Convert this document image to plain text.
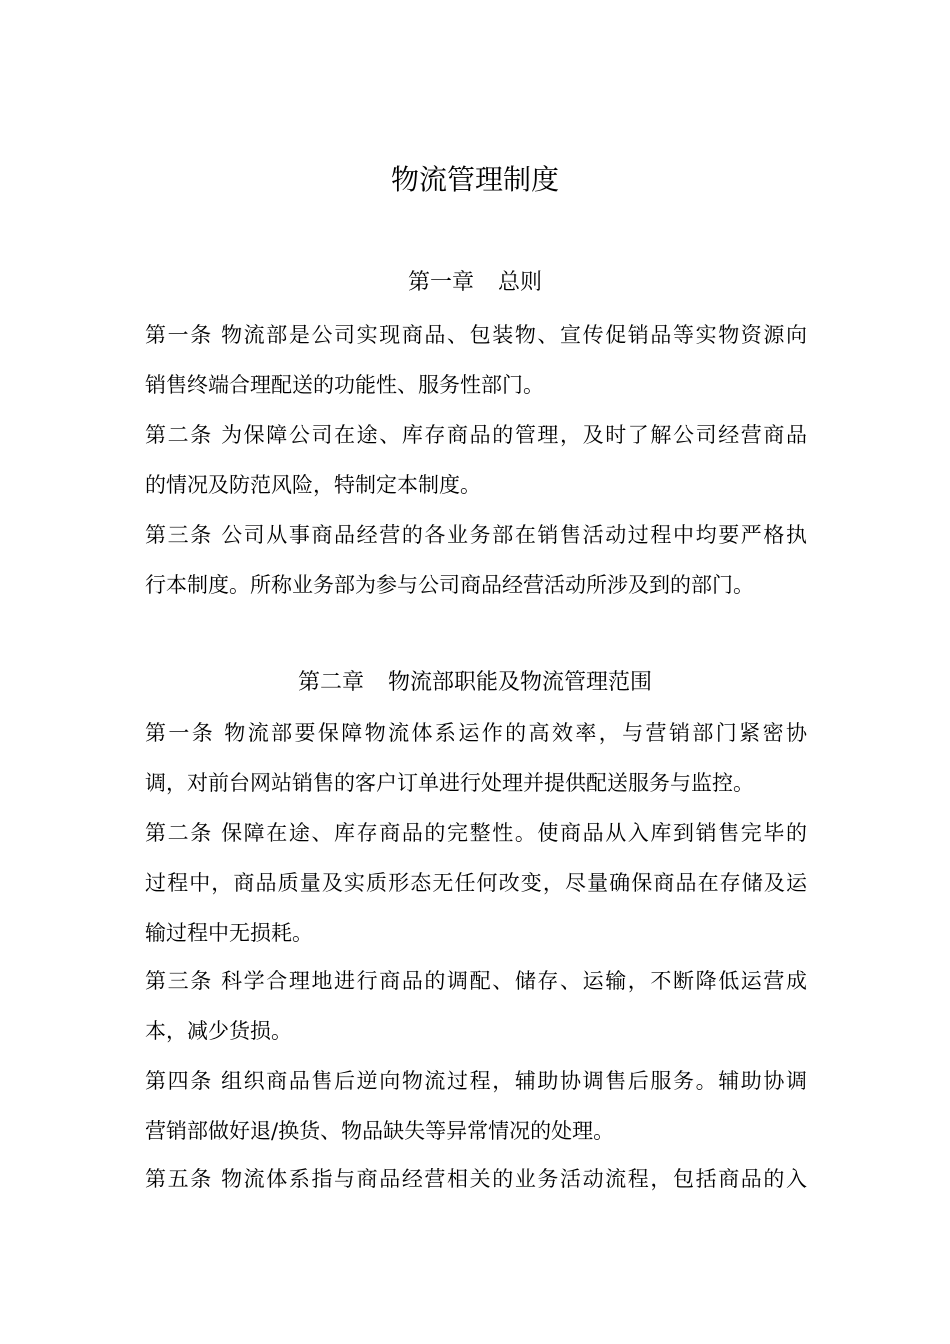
物流管理制度
第一章 总则
第一条 物流部是公司实现商品、包装物、宣传促销品等实物资源向
销售终端合理配送的功能性、服务性部门。
第二条 为保障公司在途、库存商品的管理，及时了解公司经营商品
的情况及防范风险，特制定本制度。
第三条 公司从事商品经营的各业务部在销售活动过程中均要严格执
行本制度。所称业务部为参与公司商品经营活动所涉及到的部门。
第二章 物流部职能及物流管理范围
第一条 物流部要保障物流体系运作的高效率，与营销部门紧密协
调，对前台网站销售的客户订单进行处理并提供配送服务与监控。
第二条 保障在途、库存商品的完整性。使商品从入库到销售完毕的
过程中，商品质量及实质形态无任何改变，尽量确保商品在存储及运
输过程中无损耗。
第三条 科学合理地进行商品的调配、储存、运输，不断降低运营成
本，减少货损。
第四条 组织商品售后逆向物流过程，辅助协调售后服务。辅助协调
营销部做好退/换货、物品缺失等异常情况的处理。
第五条 物流体系指与商品经营相关的业务活动流程，包括商品的入
